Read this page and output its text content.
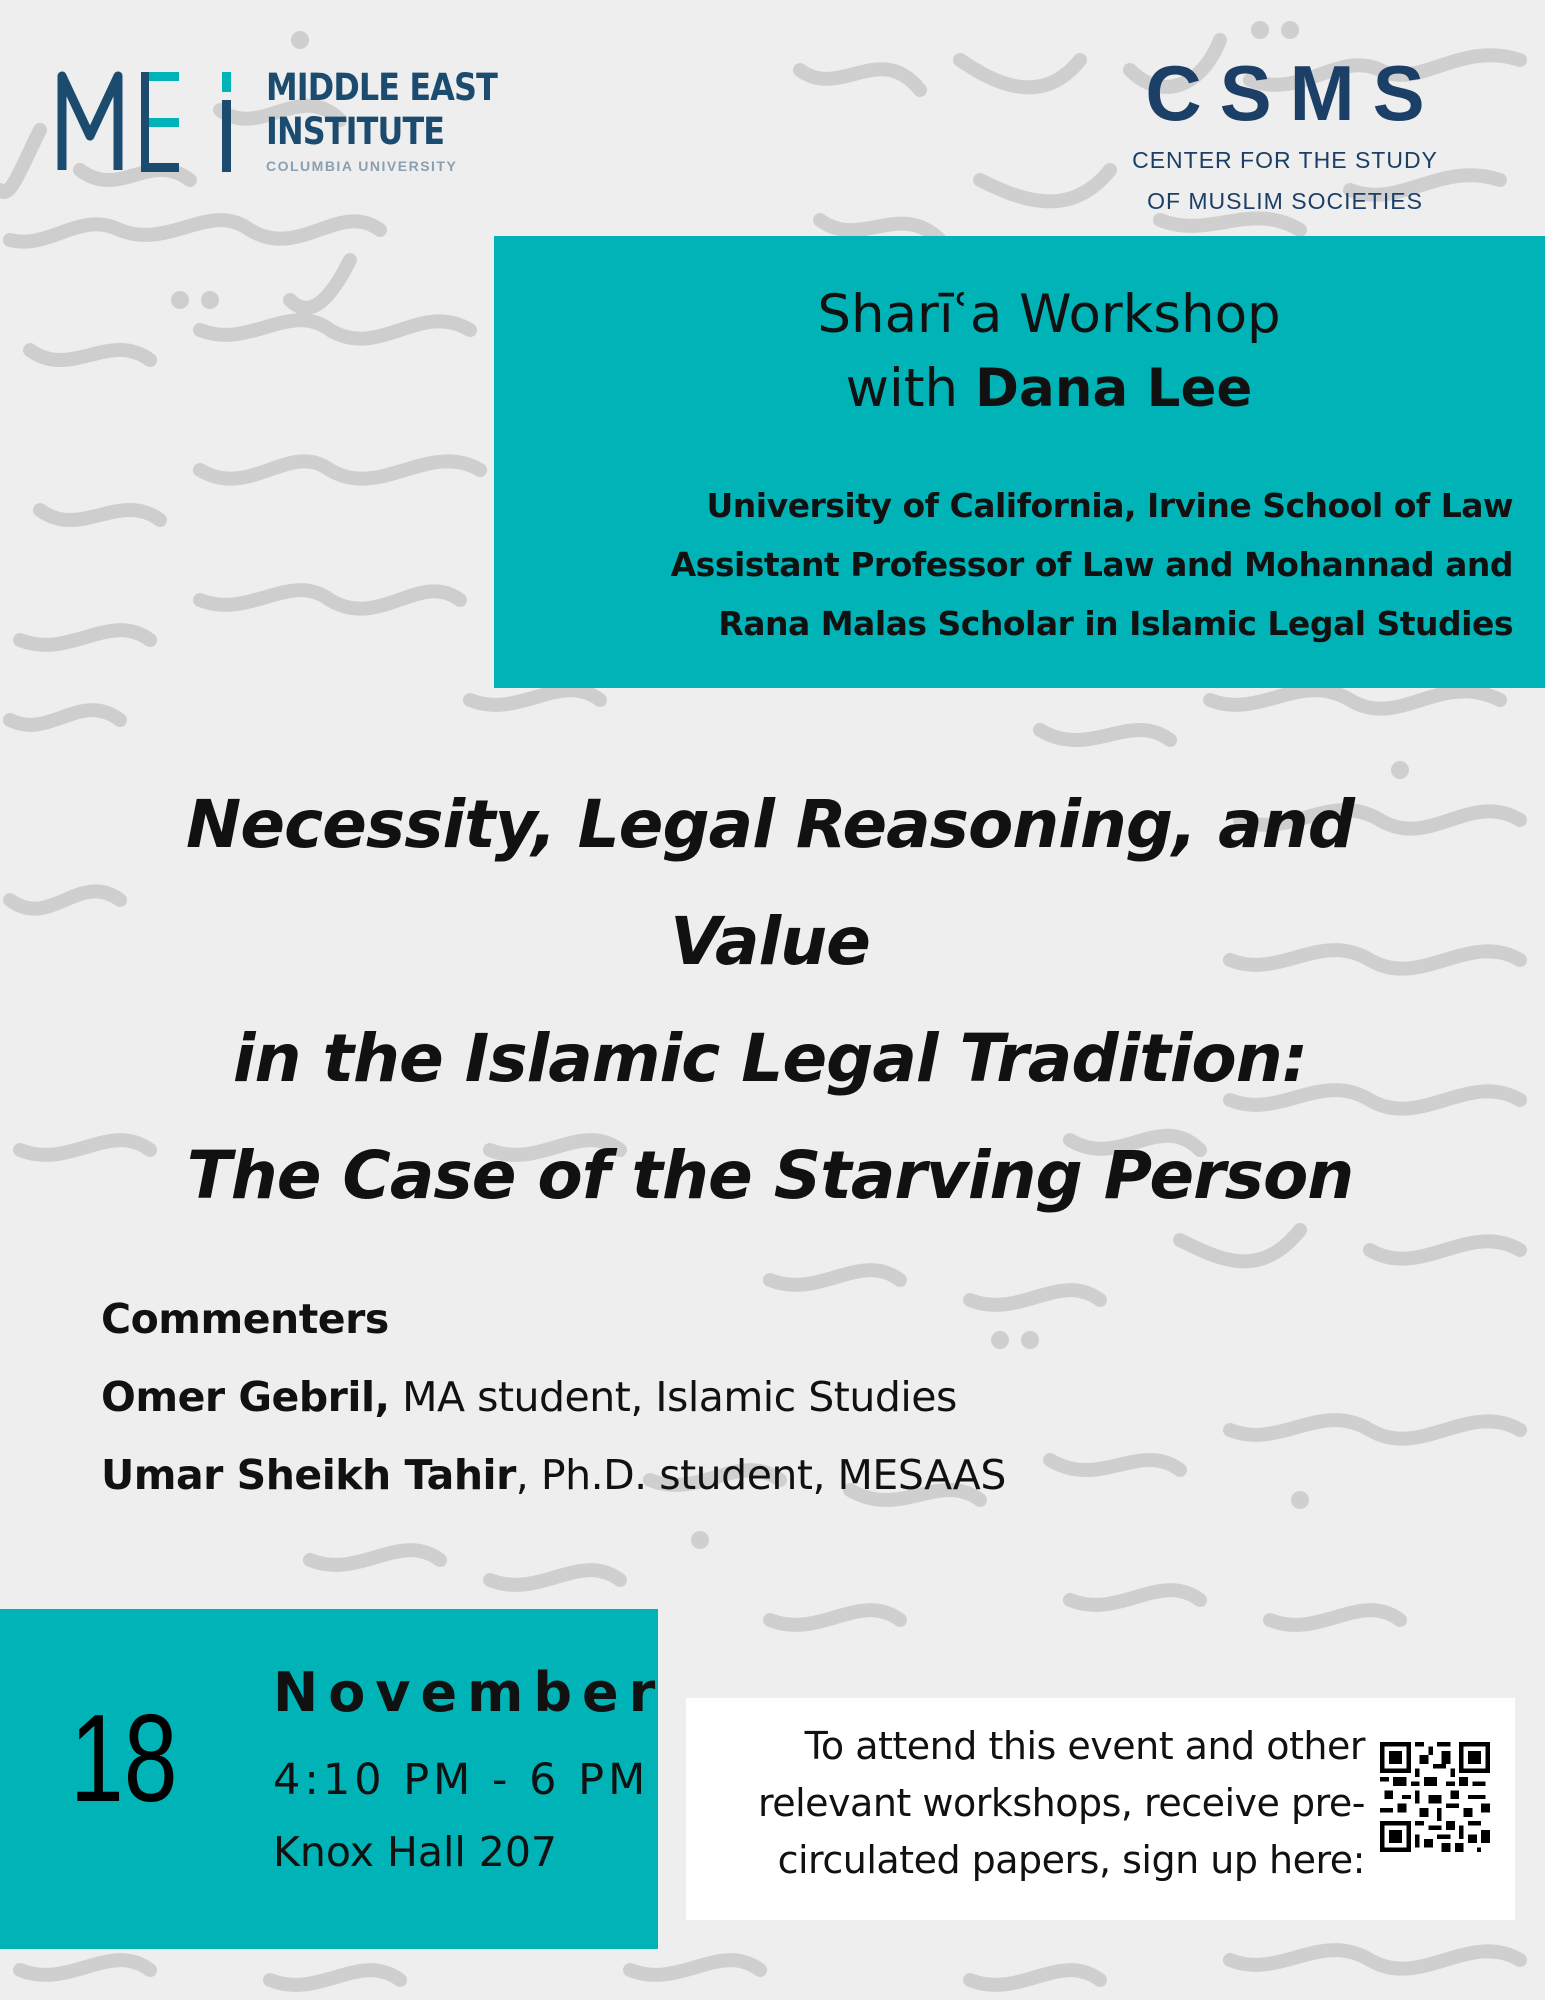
MIDDLE EAST
INSTITUTE
COLUMBIA UNIVERSITY
CSMS
CENTER FOR THE STUDY
OF MUSLIM SOCIETIES
Sharīʿa Workshop
with Dana Lee
University of California, Irvine School of Law
Assistant Professor of Law and Mohannad and
Rana Malas Scholar in Islamic Legal Studies
Necessity, Legal Reasoning, and
Value
in the Islamic Legal Tradition:
The Case of the Starving Person
Commenters
Omer Gebril, MA student, Islamic Studies
Umar Sheikh Tahir, Ph.D. student, MESAAS
18 November
4:10 PM - 6 PM
Knox Hall 207
To attend this event and other
relevant workshops, receive pre-
circulated papers, sign up here:
